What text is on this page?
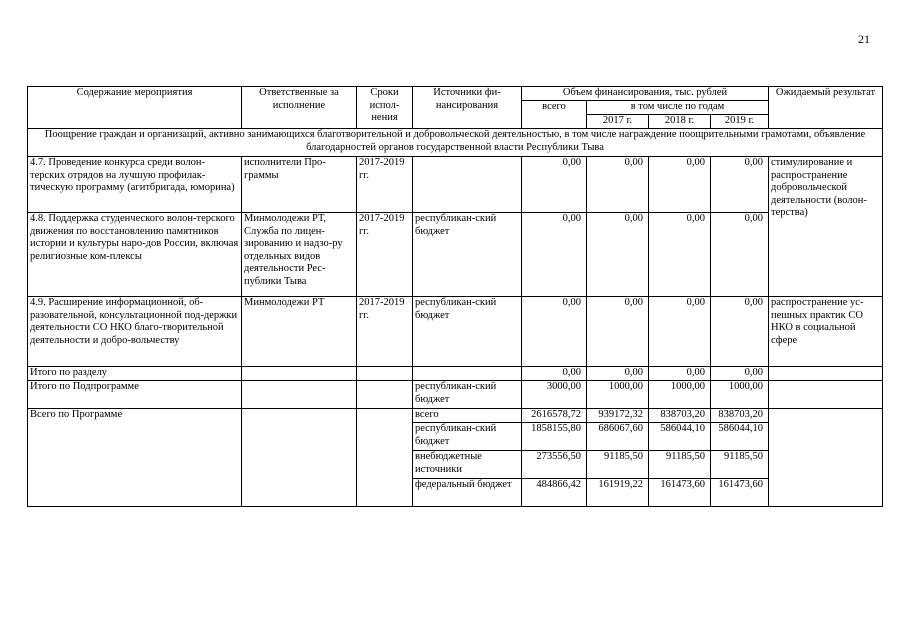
21
Содержание мероприятия	Ответственные за исполнение	Сроки испол-нения	Источники фи-нансирования	Объем финансирования, тыс. рублей				Ожидаемый результат
				всего	в том числе по годам			
					2017 г.	2018 г.	2019 г.	
Поощрение граждан и организаций, активно занимающихся благотворительной и добровольческой деятельностью, в том числе награждение поощрительными грамотами, объявление благодарностей органов государственной власти Республики Тыва								
4.7. Проведение конкурса среди волон-терских отрядов на лучшую профилак-тическую программу (агитбригада, юморина)	исполнители Про-граммы	2017-2019 гг.		0,00	0,00	0,00	0,00	стимулирование и распространение добровольческой деятельности (волон-терства)
4.8. Поддержка студенческого волон-терского движения по восстановлению памятников истории и культуры наро-дов России, включая религиозные ком-плексы	Минмолодежи РТ, Служба по лицен-зированию и надзо-ру отдельных видов деятельности Рес-публики Тыва	2017-2019 гг.	республикан-ский бюджет	0,00	0,00	0,00	0,00	
4.9. Расширение информационной, об-разовательной, консультационной под-держки деятельности СО НКО благо-творительной деятельности и добро-вольчеству	Минмолодежи РТ	2017-2019 гг.	республикан-ский бюджет	0,00	0,00	0,00	0,00	распространение ус-пешных практик СО НКО в социальной сфере
Итого по разделу				0,00	0,00	0,00	0,00	
Итого по Подпрограмме			республикан-ский бюджет	3000,00	1000,00	1000,00	1000,00	
Всего по Программе			всего	2616578,72	939172,32	838703,20	838703,20	
			республикан-ский бюджет	1858155,80	686067,60	586044,10	586044,10	
			внебюджетные источники	273556,50	91185,50	91185,50	91185,50	
			федеральный бюджет	484866,42	161919,22	161473,60	161473,60	
